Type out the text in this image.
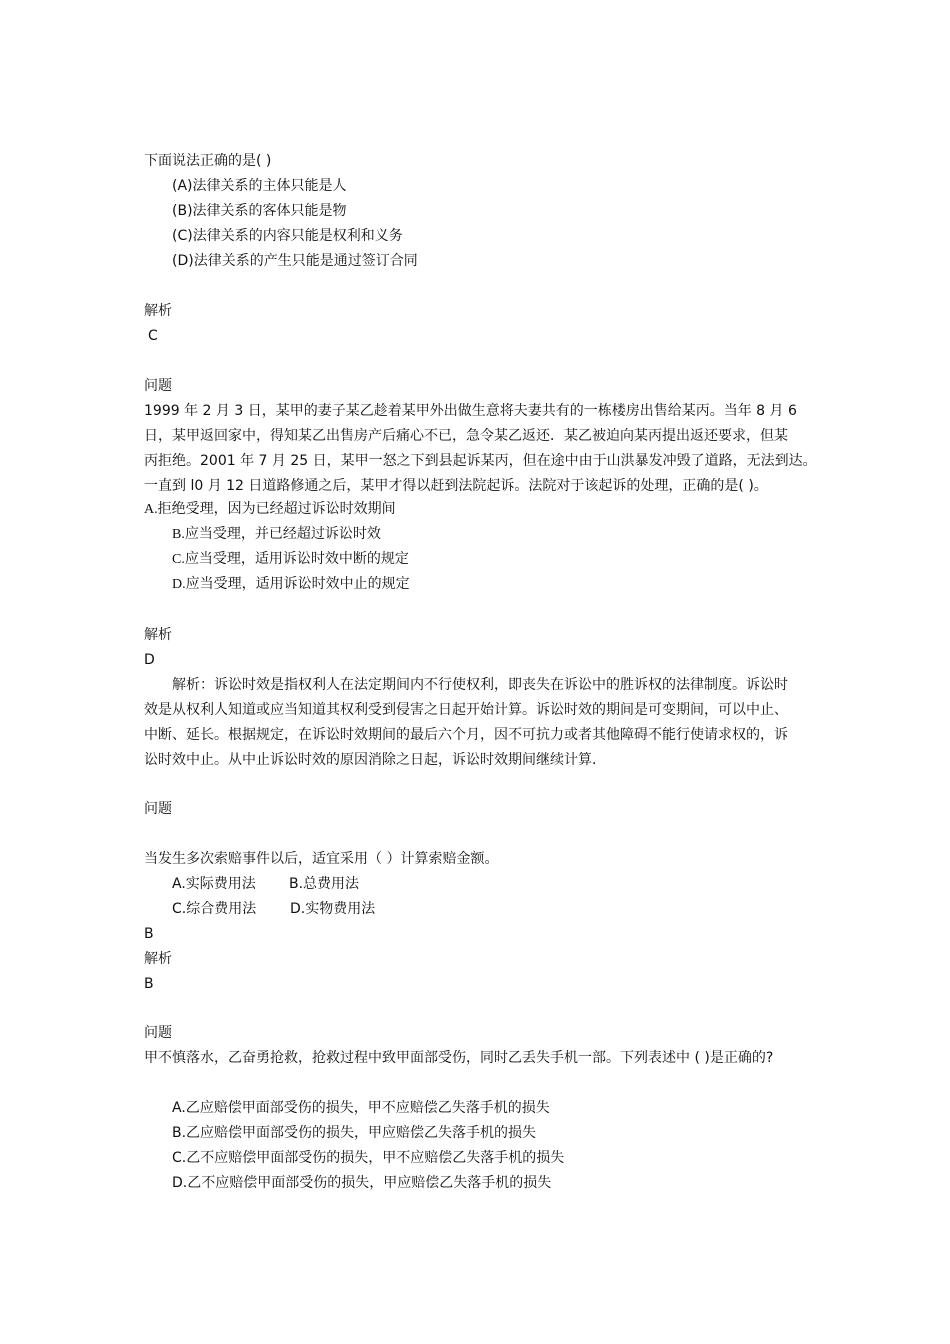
下面说法正确的是( )
(A)法律关系的主体只能是人
(B)法律关系的客体只能是物
(C)法律关系的内容只能是权利和义务
(D)法律关系的产生只能是通过签订合同
解析
C
问题
1999 年 2 月 3 日，某甲的妻子某乙趁着某甲外出做生意将夫妻共有的一栋楼房出售给某丙。当年 8 月 6
日，某甲返回家中，得知某乙出售房产后痛心不已，急令某乙返还．某乙被迫向某丙提出返还要求，但某
丙拒绝。2001 年 7 月 25 日，某甲一怒之下到县起诉某丙，但在途中由于山洪暴发冲毁了道路，无法到达。
一直到 l0 月 12 日道路修通之后，某甲才得以赶到法院起诉。法院对于该起诉的处理，正确的是( )。
A.拒绝受理，因为已经超过诉讼时效期间
B.应当受理，并已经超过诉讼时效
C.应当受理，适用诉讼时效中断的规定
D.应当受理，适用诉讼时效中止的规定
解析
D
解析：诉讼时效是指权利人在法定期间内不行使权利，即丧失在诉讼中的胜诉权的法律制度。诉讼时
效是从权利人知道或应当知道其权利受到侵害之日起开始计算。诉讼时效的期间是可变期间，可以中止、
中断、延长。根据规定，在诉讼时效期间的最后六个月，因不可抗力或者其他障碍不能行使请求权的，诉
讼时效中止。从中止诉讼时效的原因消除之日起，诉讼时效期间继续计算．
问题
当发生多次索赔事件以后，适宜采用（ ）计算索赔金额。
A.实际费用法 B.总费用法
C.综合费用法 D.实物费用法
B
解析
B
问题
甲不慎落水，乙奋勇抢救，抢救过程中致甲面部受伤，同时乙丢失手机一部。下列表述中 ( )是正确的?
A.乙应赔偿甲面部受伤的损失，甲不应赔偿乙失落手机的损失
B.乙应赔偿甲面部受伤的损失，甲应赔偿乙失落手机的损失
C.乙不应赔偿甲面部受伤的损失，甲不应赔偿乙失落手机的损失
D.乙不应赔偿甲面部受伤的损失，甲应赔偿乙失落手机的损失
